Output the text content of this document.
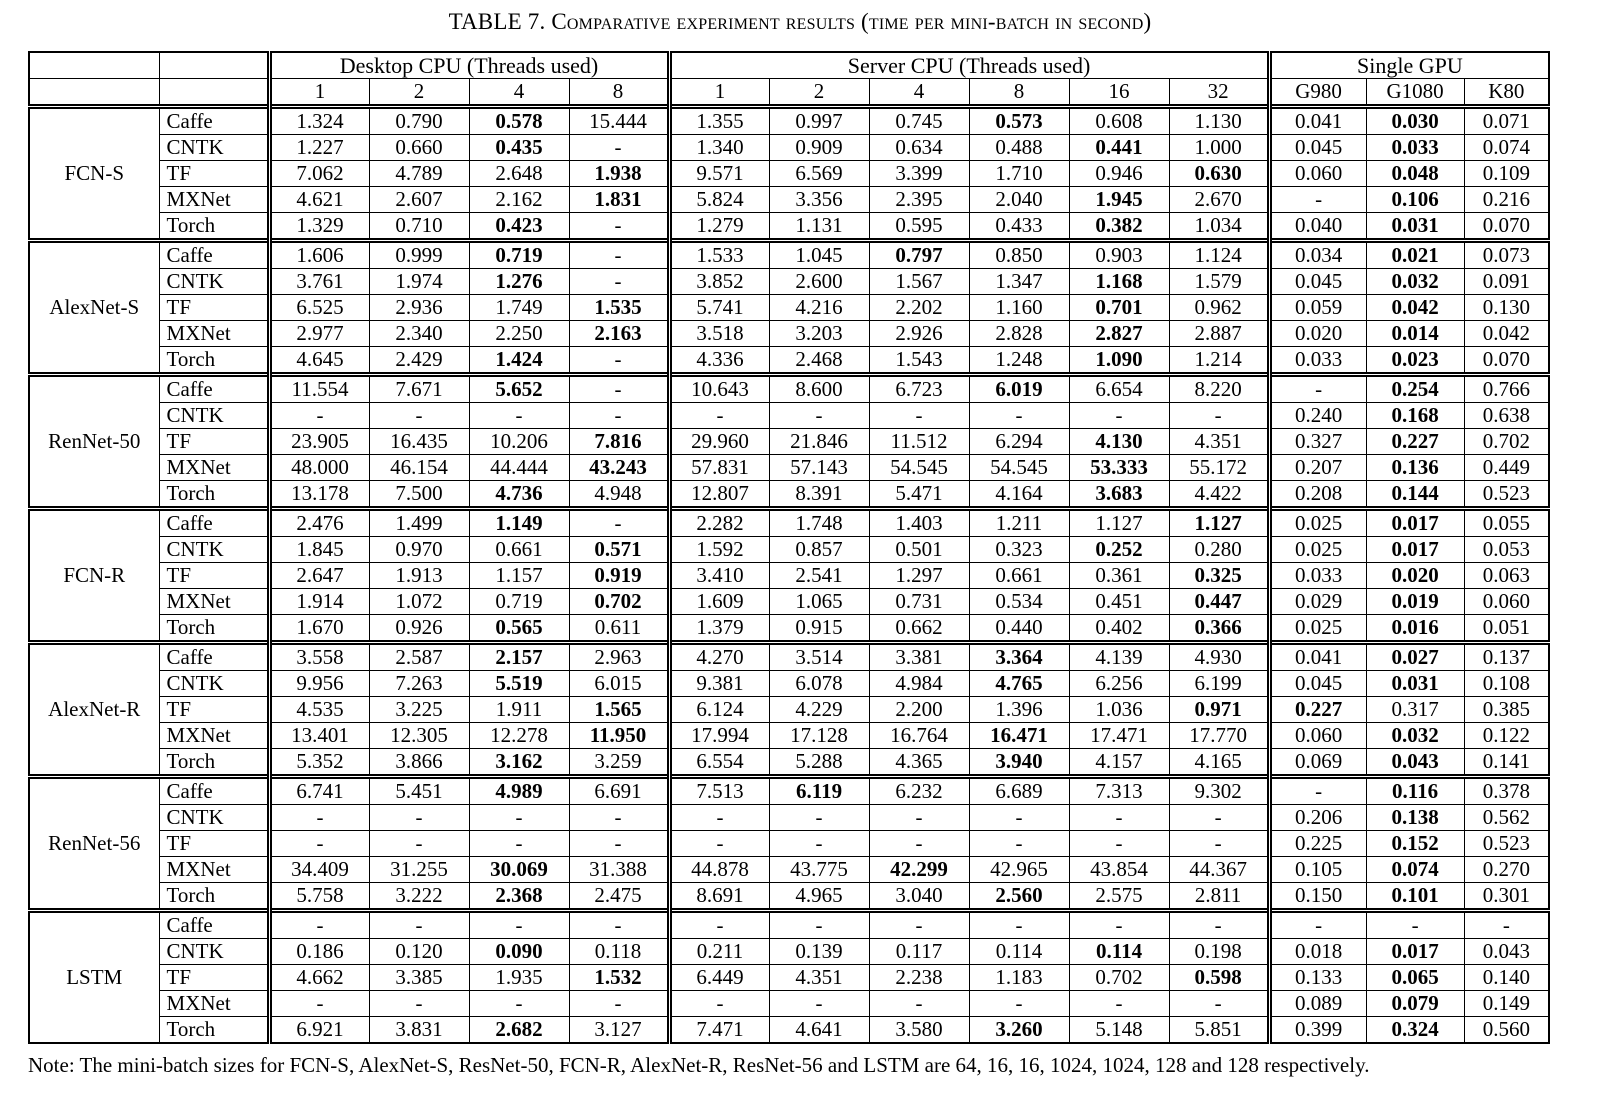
TABLE 7. Comparative experiment results (time per mini-batch in second)
		Desktop CPU (Threads used)				Server CPU (Threads used)						Single GPU		
		1	2	4	8	1	2	4	8	16	32	G980	G1080	K80
FCN-S	Caffe	1.324	0.790	0.578	15.444	1.355	0.997	0.745	0.573	0.608	1.130	0.041	0.030	0.071
	CNTK	1.227	0.660	0.435	-	1.340	0.909	0.634	0.488	0.441	1.000	0.045	0.033	0.074
	TF	7.062	4.789	2.648	1.938	9.571	6.569	3.399	1.710	0.946	0.630	0.060	0.048	0.109
	MXNet	4.621	2.607	2.162	1.831	5.824	3.356	2.395	2.040	1.945	2.670	-	0.106	0.216
	Torch	1.329	0.710	0.423	-	1.279	1.131	0.595	0.433	0.382	1.034	0.040	0.031	0.070
AlexNet-S	Caffe	1.606	0.999	0.719	-	1.533	1.045	0.797	0.850	0.903	1.124	0.034	0.021	0.073
	CNTK	3.761	1.974	1.276	-	3.852	2.600	1.567	1.347	1.168	1.579	0.045	0.032	0.091
	TF	6.525	2.936	1.749	1.535	5.741	4.216	2.202	1.160	0.701	0.962	0.059	0.042	0.130
	MXNet	2.977	2.340	2.250	2.163	3.518	3.203	2.926	2.828	2.827	2.887	0.020	0.014	0.042
	Torch	4.645	2.429	1.424	-	4.336	2.468	1.543	1.248	1.090	1.214	0.033	0.023	0.070
RenNet-50	Caffe	11.554	7.671	5.652	-	10.643	8.600	6.723	6.019	6.654	8.220	-	0.254	0.766
	CNTK	-	-	-	-	-	-	-	-	-	-	0.240	0.168	0.638
	TF	23.905	16.435	10.206	7.816	29.960	21.846	11.512	6.294	4.130	4.351	0.327	0.227	0.702
	MXNet	48.000	46.154	44.444	43.243	57.831	57.143	54.545	54.545	53.333	55.172	0.207	0.136	0.449
	Torch	13.178	7.500	4.736	4.948	12.807	8.391	5.471	4.164	3.683	4.422	0.208	0.144	0.523
FCN-R	Caffe	2.476	1.499	1.149	-	2.282	1.748	1.403	1.211	1.127	1.127	0.025	0.017	0.055
	CNTK	1.845	0.970	0.661	0.571	1.592	0.857	0.501	0.323	0.252	0.280	0.025	0.017	0.053
	TF	2.647	1.913	1.157	0.919	3.410	2.541	1.297	0.661	0.361	0.325	0.033	0.020	0.063
	MXNet	1.914	1.072	0.719	0.702	1.609	1.065	0.731	0.534	0.451	0.447	0.029	0.019	0.060
	Torch	1.670	0.926	0.565	0.611	1.379	0.915	0.662	0.440	0.402	0.366	0.025	0.016	0.051
AlexNet-R	Caffe	3.558	2.587	2.157	2.963	4.270	3.514	3.381	3.364	4.139	4.930	0.041	0.027	0.137
	CNTK	9.956	7.263	5.519	6.015	9.381	6.078	4.984	4.765	6.256	6.199	0.045	0.031	0.108
	TF	4.535	3.225	1.911	1.565	6.124	4.229	2.200	1.396	1.036	0.971	0.227	0.317	0.385
	MXNet	13.401	12.305	12.278	11.950	17.994	17.128	16.764	16.471	17.471	17.770	0.060	0.032	0.122
	Torch	5.352	3.866	3.162	3.259	6.554	5.288	4.365	3.940	4.157	4.165	0.069	0.043	0.141
RenNet-56	Caffe	6.741	5.451	4.989	6.691	7.513	6.119	6.232	6.689	7.313	9.302	-	0.116	0.378
	CNTK	-	-	-	-	-	-	-	-	-	-	0.206	0.138	0.562
	TF	-	-	-	-	-	-	-	-	-	-	0.225	0.152	0.523
	MXNet	34.409	31.255	30.069	31.388	44.878	43.775	42.299	42.965	43.854	44.367	0.105	0.074	0.270
	Torch	5.758	3.222	2.368	2.475	8.691	4.965	3.040	2.560	2.575	2.811	0.150	0.101	0.301
LSTM	Caffe	-	-	-	-	-	-	-	-	-	-	-	-	-
	CNTK	0.186	0.120	0.090	0.118	0.211	0.139	0.117	0.114	0.114	0.198	0.018	0.017	0.043
	TF	4.662	3.385	1.935	1.532	6.449	4.351	2.238	1.183	0.702	0.598	0.133	0.065	0.140
	MXNet	-	-	-	-	-	-	-	-	-	-	0.089	0.079	0.149
	Torch	6.921	3.831	2.682	3.127	7.471	4.641	3.580	3.260	5.148	5.851	0.399	0.324	0.560
Note: The mini-batch sizes for FCN-S, AlexNet-S, ResNet-50, FCN-R, AlexNet-R, ResNet-56 and LSTM are 64, 16, 16, 1024, 1024, 128 and 128 respectively.
